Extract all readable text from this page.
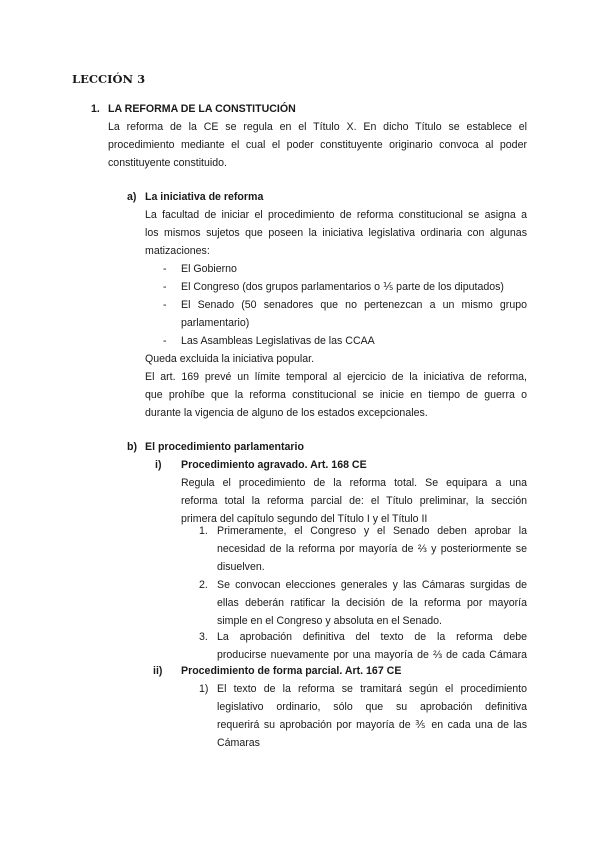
LECCIÓN 3
1. LA REFORMA DE LA CONSTITUCIÓN
La reforma de la CE se regula en el Título X. En dicho Título se establece el
procedimiento mediante el cual el poder constituyente originario convoca al poder
constituyente constituido.
a) La iniciativa de reforma
La facultad de iniciar el procedimiento de reforma constitucional se asigna a
los mismos sujetos que poseen la iniciativa legislativa ordinaria con algunas
matizaciones:
- El Gobierno
- El Congreso (dos grupos parlamentarios o ⅕ parte de los diputados)
- El Senado (50 senadores que no pertenezcan a un mismo grupo
parlamentario)
- Las Asambleas Legislativas de las CCAA
Queda excluida la iniciativa popular.
El art. 169 prevé un límite temporal al ejercicio de la iniciativa de reforma,
que prohíbe que la reforma constitucional se inicie en tiempo de guerra o
durante la vigencia de alguno de los estados excepcionales.
b) El procedimiento parlamentario
i) Procedimiento agravado. Art. 168 CE
Regula el procedimiento de la reforma total. Se equipara a una
reforma total la reforma parcial de: el Título preliminar, la sección
primera del capítulo segundo del Título I y el Título II
1. Primeramente, el Congreso y el Senado deben aprobar la
necesidad de la reforma por mayoría de ⅔ y posteriormente se
disuelven.
2. Se convocan elecciones generales y las Cámaras surgidas de
ellas deberán ratificar la decisión de la reforma por mayoría
simple en el Congreso y absoluta en el Senado.
3. La aprobación definitiva del texto de la reforma debe
producirse nuevamente por una mayoría de ⅔ de cada Cámara
ii) Procedimiento de forma parcial. Art. 167 CE
1) El texto de la reforma se tramitará según el procedimiento
legislativo ordinario, sólo que su aprobación definitiva
requerirá su aprobación por mayoría de ⅗ en cada una de las
Cámaras
